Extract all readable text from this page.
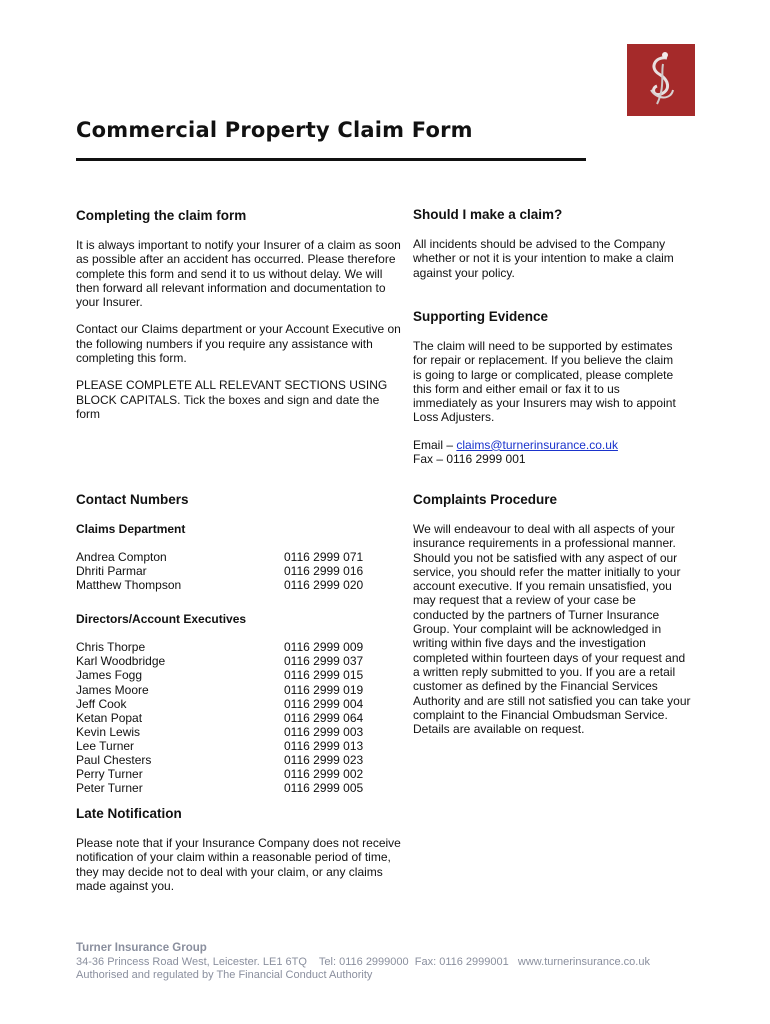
Commercial Property Claim Form
Completing the claim form

It is always important to notify your Insurer of a claim as soon as possible after an accident has occurred. Please therefore complete this form and send it to us without delay. We will then forward all relevant information and documentation to your Insurer.

Contact our Claims department or your Account Executive on the following numbers if you require any assistance with completing this form.

PLEASE COMPLETE ALL RELEVANT SECTIONS USING BLOCK CAPITALS. Tick the boxes and sign and date the form

Contact Numbers

Claims Department

Andrea Compton
Dhriti Parmar
Matthew Thompson
0116 2999 071
0116 2999 016
0116 2999 020

Directors/Account Executives

Chris Thorpe
Karl Woodbridge
James Fogg
James Moore
Jeff Cook
Ketan Popat
Kevin Lewis
Lee Turner
Paul Chesters
Perry Turner
Peter Turner
0116 2999 009
0116 2999 037
0116 2999 015
0116 2999 019
0116 2999 004
0116 2999 064
0116 2999 003
0116 2999 013
0116 2999 023
0116 2999 002
0116 2999 005
Late Notification

Please note that if your Insurance Company does not receive notification of your claim within a reasonable period of time, they may decide not to deal with your claim, or any claims made against you.

Should I make a claim?

All incidents should be advised to the Company whether or not it is your intention to make a claim against your policy.

Supporting Evidence

The claim will need to be supported by estimates for repair or replacement. If you believe the claim is going to large or complicated, please complete this form and either email or fax it to us immediately as your Insurers may wish to appoint Loss Adjusters.

Email – claims@turnerinsurance.co.uk

Fax – 0116 2999 001

Complaints Procedure

We will endeavour to deal with all aspects of your insurance requirements in a professional manner. Should you not be satisfied with any aspect of our service, you should refer the matter initially to your account executive. If you remain unsatisfied, you may request that a review of your case be conducted by the partners of Turner Insurance Group. Your complaint will be acknowledged in writing within five days and the investigation completed within fourteen days of your request and a written reply submitted to you. If you are a retail customer as defined by the Financial Services Authority and are still not satisfied you can take your complaint to the Financial Ombudsman Service. Details are available on request.

Turner Insurance Group
34-36 Princess Road West, Leicester. LE1 6TQ    Tel: 0116 2999000  Fax: 0116 2999001   www.turnerinsurance.co.uk
Authorised and regulated by The Financial Conduct Authority
